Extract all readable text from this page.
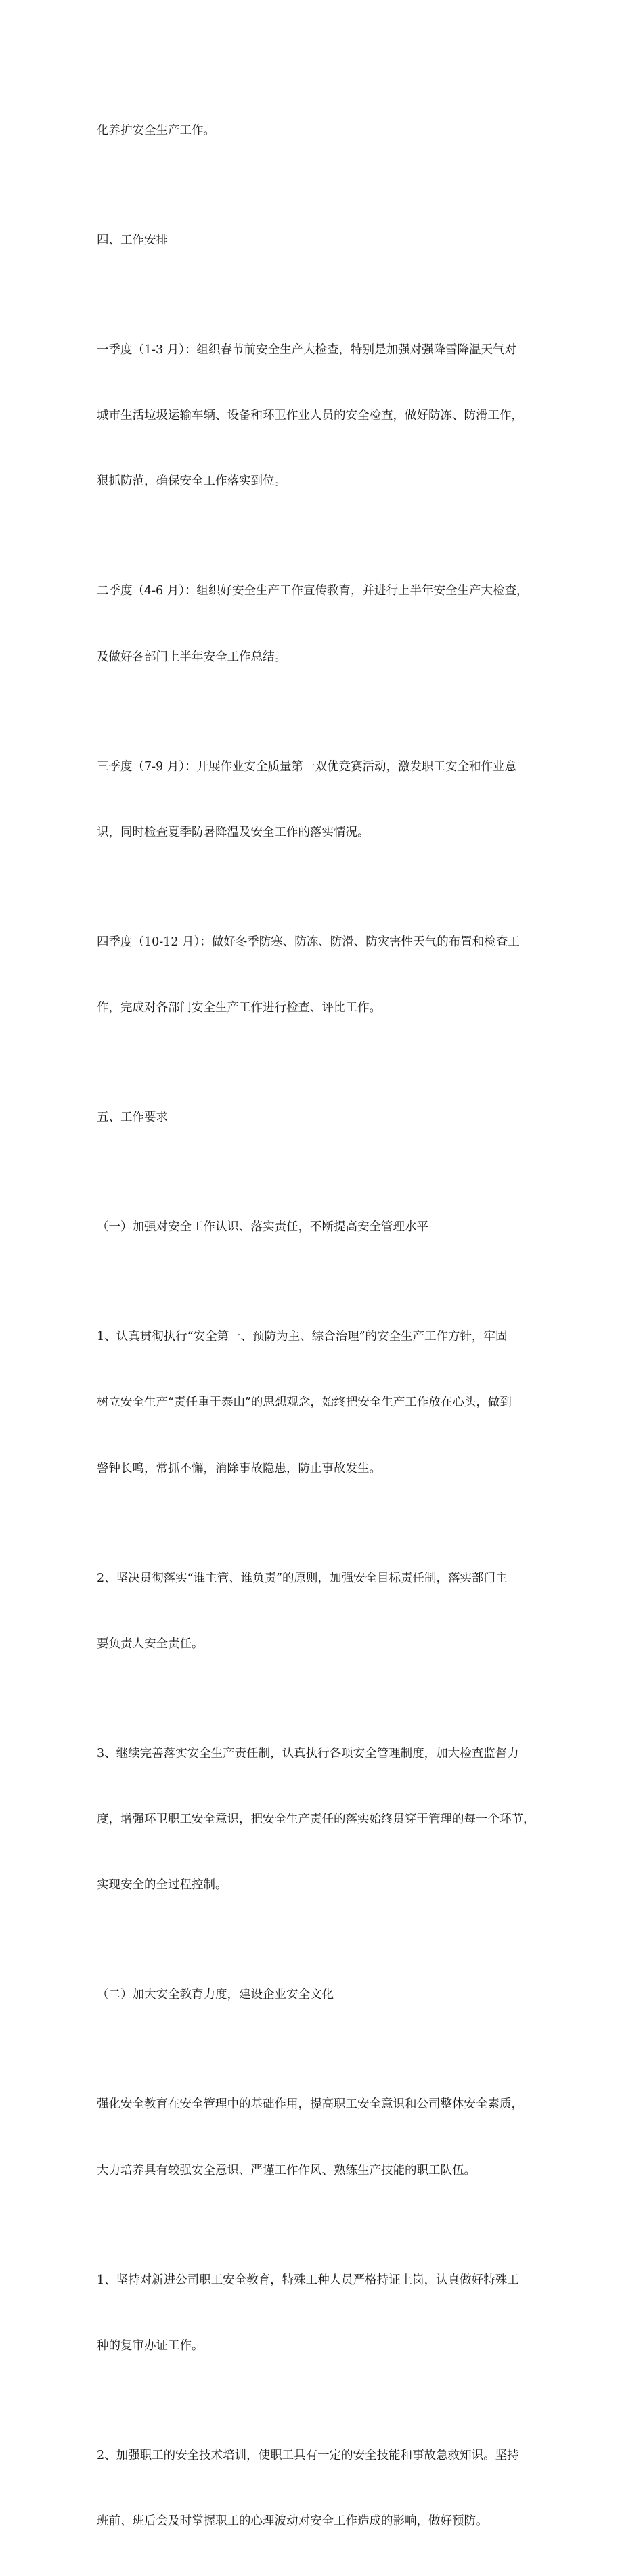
化养护安全生产工作。

四、工作安排

一季度（1-3 月）：组织春节前安全生产大检查，特别是加强对强降雪降温天气对

城市生活垃圾运输车辆、设备和环卫作业人员的安全检查，做好防冻、防滑工作，

狠抓防范，确保安全工作落实到位。

二季度（4-6 月）：组织好安全生产工作宣传教育，并进行上半年安全生产大检查，

及做好各部门上半年安全工作总结。

三季度（7-9 月）：开展作业安全质量第一双优竞赛活动，激发职工安全和作业意

识，同时检查夏季防暑降温及安全工作的落实情况。

四季度（10-12 月）：做好冬季防寒、防冻、防滑、防灾害性天气的布置和检查工

作，完成对各部门安全生产工作进行检查、评比工作。

五、工作要求

（一）加强对安全工作认识、落实责任，不断提高安全管理水平

1、认真贯彻执行“安全第一、预防为主、综合治理”的安全生产工作方针，牢固

树立安全生产“责任重于泰山”的思想观念，始终把安全生产工作放在心头，做到

警钟长鸣，常抓不懈，消除事故隐患，防止事故发生。

2、坚决贯彻落实“谁主管、谁负责”的原则，加强安全目标责任制，落实部门主

要负责人安全责任。

3、继续完善落实安全生产责任制，认真执行各项安全管理制度，加大检查监督力

度，增强环卫职工安全意识，把安全生产责任的落实始终贯穿于管理的每一个环节，

实现安全的全过程控制。

（二）加大安全教育力度，建设企业安全文化

强化安全教育在安全管理中的基础作用，提高职工安全意识和公司整体安全素质，

大力培养具有较强安全意识、严谨工作作风、熟练生产技能的职工队伍。

1、坚持对新进公司职工安全教育，特殊工种人员严格持证上岗，认真做好特殊工

种的复审办证工作。

2、加强职工的安全技术培训，使职工具有一定的安全技能和事故急救知识。坚持

班前、班后会及时掌握职工的心理波动对安全工作造成的影响，做好预防。
